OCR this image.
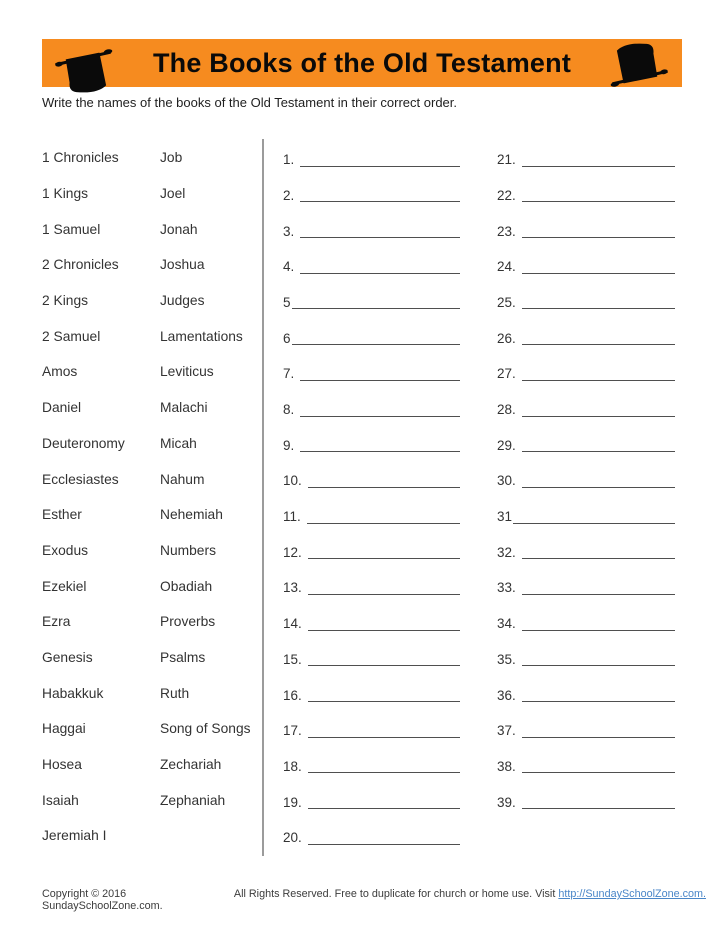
The Books of the Old Testament
Write the names of the books of the Old Testament in their correct order.
1 Chronicles
1 Kings
1 Samuel
2 Chronicles
2 Kings
2 Samuel
Amos
Daniel
Deuteronomy
Ecclesiastes
Esther
Exodus
Ezekiel
Ezra
Genesis
Habakkuk
Haggai
Hosea
Isaiah
Jeremiah I
Job
Joel
Jonah
Joshua
Judges
Lamentations
Leviticus
Malachi
Micah
Nahum
Nehemiah
Numbers
Obadiah
Proverbs
Psalms
Ruth
Song of Songs
Zechariah
Zephaniah
1.
2.
3.
4.
5
6
7.
8.
9.
10.
11.
12.
13.
14.
15.
16.
17.
18.
19.
20.
21.
22.
23.
24.
25.
26.
27.
28.
29.
30.
31
32.
33.
34.
35.
36.
37.
38.
39.
Copyright © 2016 SundaySchoolZone.com.
All Rights Reserved. Free to duplicate for church or home use. Visit http://SundaySchoolZone.com.
